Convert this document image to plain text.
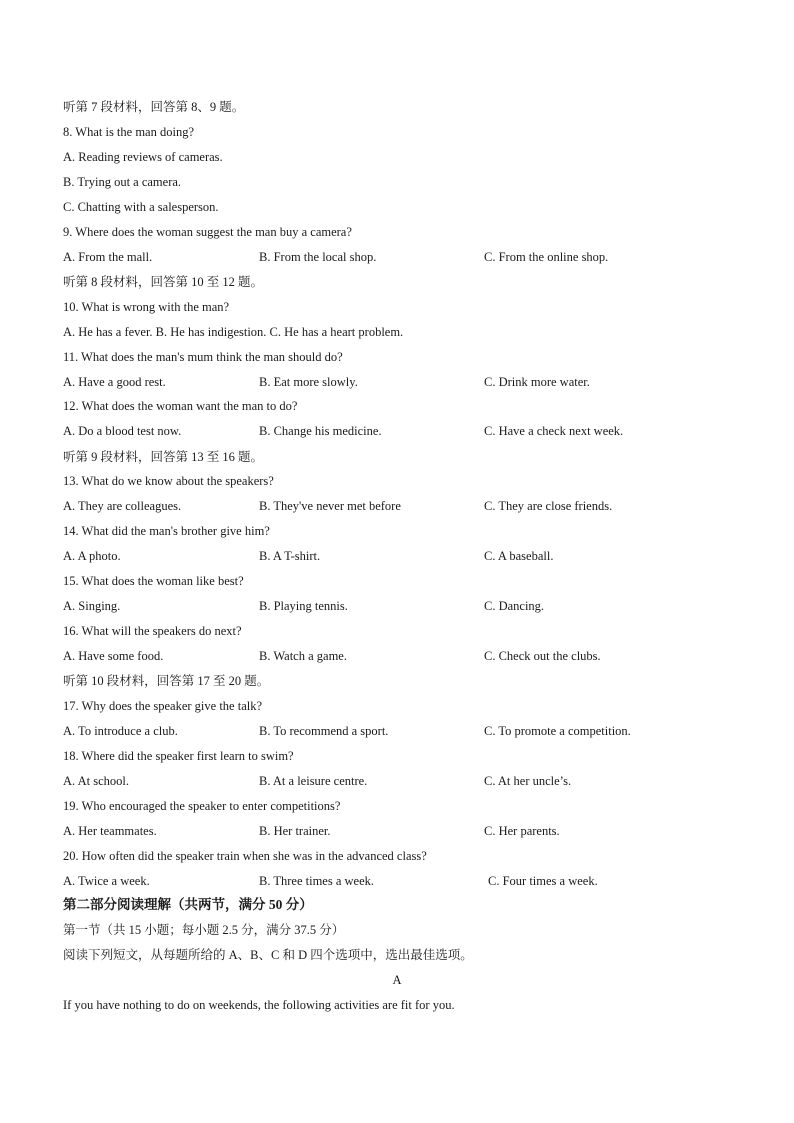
听第 7 段材料，回答第 8、9 题。
8. What is the man doing?
A. Reading reviews of cameras.
B. Trying out a camera.
C. Chatting with a salesperson.
9. Where does the woman suggest the man buy a camera?
A. From the mall.	B. From the local shop.	C. From the online shop.
听第 8 段材料，回答第 10 至 12 题。
10. What is wrong with the man?
A. He has a fever. B. He has indigestion. C. He has a heart problem.
11. What does the man's mum think the man should do?
A. Have a good rest.	B. Eat more slowly.	C. Drink more water.
12. What does the woman want the man to do?
A. Do a blood test now.	B. Change his medicine.	C. Have a check next week.
听第 9 段材料，回答第 13 至 16 题。
13. What do we know about the speakers?
A. They are colleagues.	B. They've never met before	C. They are close friends.
14. What did the man's brother give him?
A. A photo.	B. A T-shirt.	C. A baseball.
15. What does the woman like best?
A. Singing.	B. Playing tennis.	C. Dancing.
16. What will the speakers do next?
A. Have some food.	B. Watch a game.	C. Check out the clubs.
听第 10 段材料，回答第 17 至 20 题。
17. Why does the speaker give the talk?
A. To introduce a club.	B. To recommend a sport.	C. To promote a competition.
18. Where did the speaker first learn to swim?
A. At school.	B. At a leisure centre.	C. At her uncle’s.
19. Who encouraged the speaker to enter competitions?
A. Her teammates.	B. Her trainer.	C. Her parents.
20. How often did the speaker train when she was in the advanced class?
A. Twice a week.	B. Three times a week.	C. Four times a week.
第二部分阅读理解（共两节，满分 50 分）
第一节（共 15 小题；每小题 2.5 分，满分 37.5 分）
阅读下列短文，从每题所给的 A、B、C 和 D 四个选项中，选出最佳选项。
A
If you have nothing to do on weekends, the following activities are fit for you.
